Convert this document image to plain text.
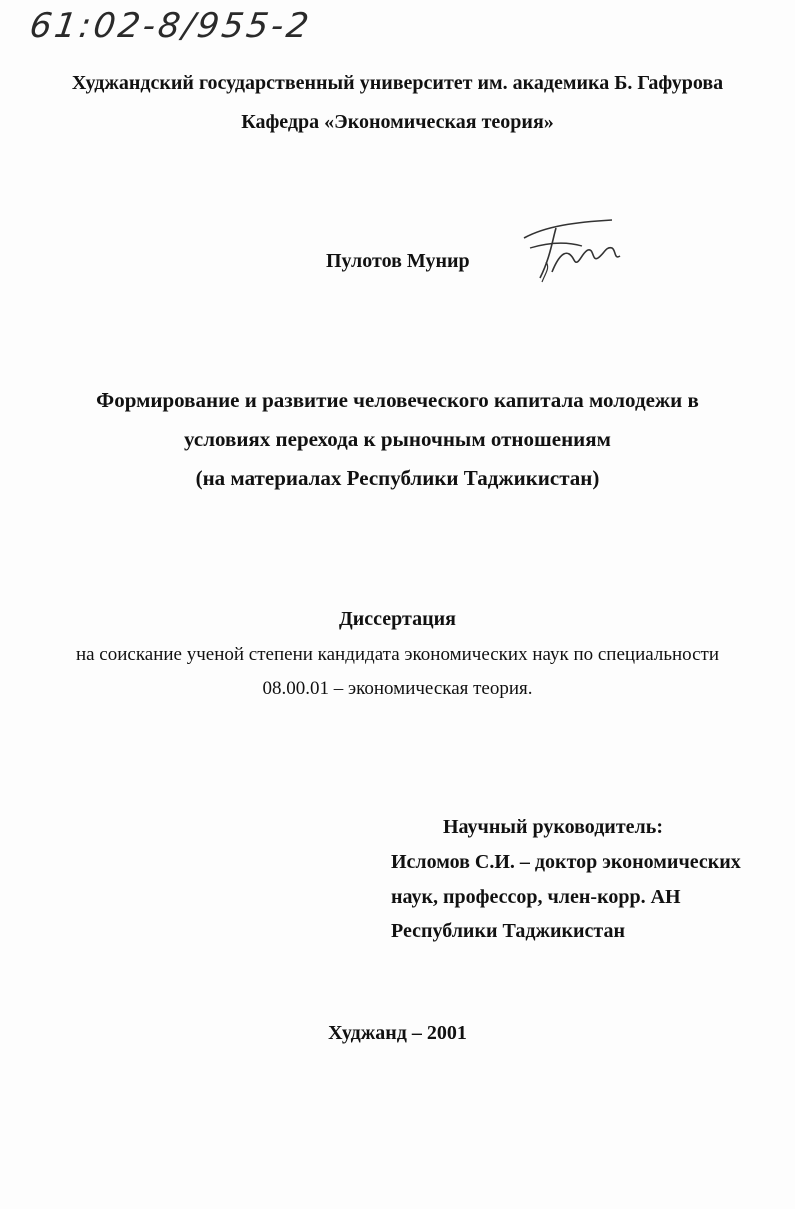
61:02-8/955-2
Худжандский государственный университет им. академика Б. Гафурова
Кафедра «Экономическая теория»
Пулотов Мунир
Формирование и развитие человеческого капитала молодежи в
условиях перехода к рыночным отношениям
(на материалах Республики Таджикистан)
Диссертация
на соискание ученой степени кандидата экономических наук по специальности
08.00.01 – экономическая теория.
Научный руководитель:
Исломов С.И. – доктор экономических
наук, профессор, член-корр. АН
Республики Таджикистан
Худжанд – 2001
